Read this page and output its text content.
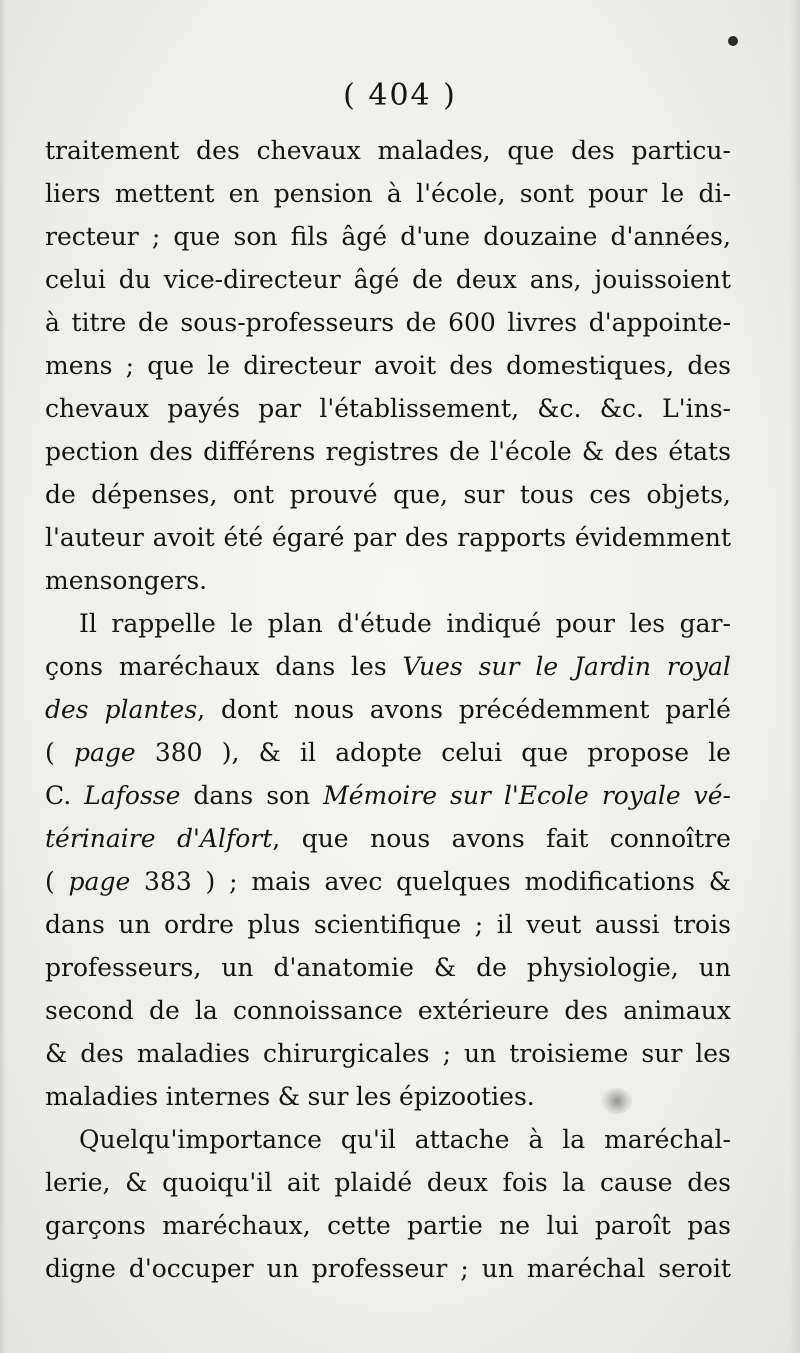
( 404 )
traitement des chevaux malades, que des particu-
liers mettent en pension à l'école, sont pour le di-
recteur ; que son fils âgé d'une douzaine d'années,
celui du vice-directeur âgé de deux ans, jouissoient
à titre de sous-professeurs de 600 livres d'appointe-
mens ; que le directeur avoit des domestiques, des
chevaux payés par l'établissement, &c. &c. L'ins-
pection des différens registres de l'école & des états
de dépenses, ont prouvé que, sur tous ces objets,
l'auteur avoit été égaré par des rapports évidemment
mensongers.
Il rappelle le plan d'étude indiqué pour les gar-
çons maréchaux dans les Vues sur le Jardin royal
des plantes, dont nous avons précédemment parlé
( page 380 ), & il adopte celui que propose le
C. Lafosse dans son Mémoire sur l'Ecole royale vé-
térinaire d'Alfort, que nous avons fait connoître
( page 383 ) ; mais avec quelques modifications &
dans un ordre plus scientifique ; il veut aussi trois
professeurs, un d'anatomie & de physiologie, un
second de la connoissance extérieure des animaux
& des maladies chirurgicales ; un troisieme sur les
maladies internes & sur les épizooties.
Quelqu'importance qu'il attache à la maréchal-
lerie, & quoiqu'il ait plaidé deux fois la cause des
garçons maréchaux, cette partie ne lui paroît pas
digne d'occuper un professeur ; un maréchal seroit
